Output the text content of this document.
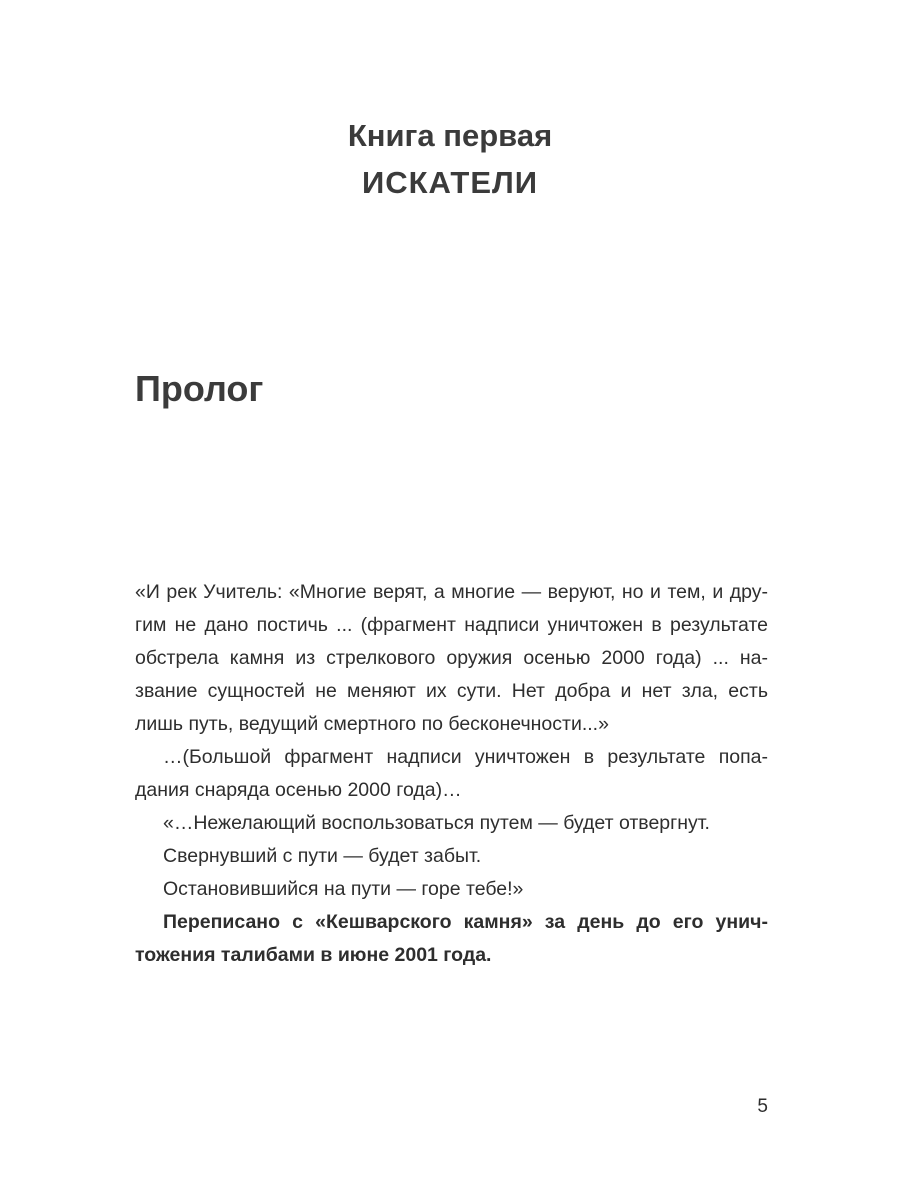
Книга первая
ИСКАТЕЛИ
Пролог
«И рек Учитель: «Многие верят, а многие — веруют, но и тем, и дру-
гим не дано постичь ... (фрагмент надписи уничтожен в результате
обстрела камня из стрелкового оружия осенью 2000 года) ... на-
звание сущностей не меняют их сути. Нет добра и нет зла, есть
лишь путь, ведущий смертного по бесконечности...»
…(Большой фрагмент надписи уничтожен в результате попа-
дания снаряда осенью 2000 года)…
«…Нежелающий воспользоваться путем — будет отвергнут.
Свернувший с пути — будет забыт.
Остановившийся на пути — горе тебе!»
Переписано с «Кешварского камня» за день до его унич-
тожения талибами в июне 2001 года.
5
